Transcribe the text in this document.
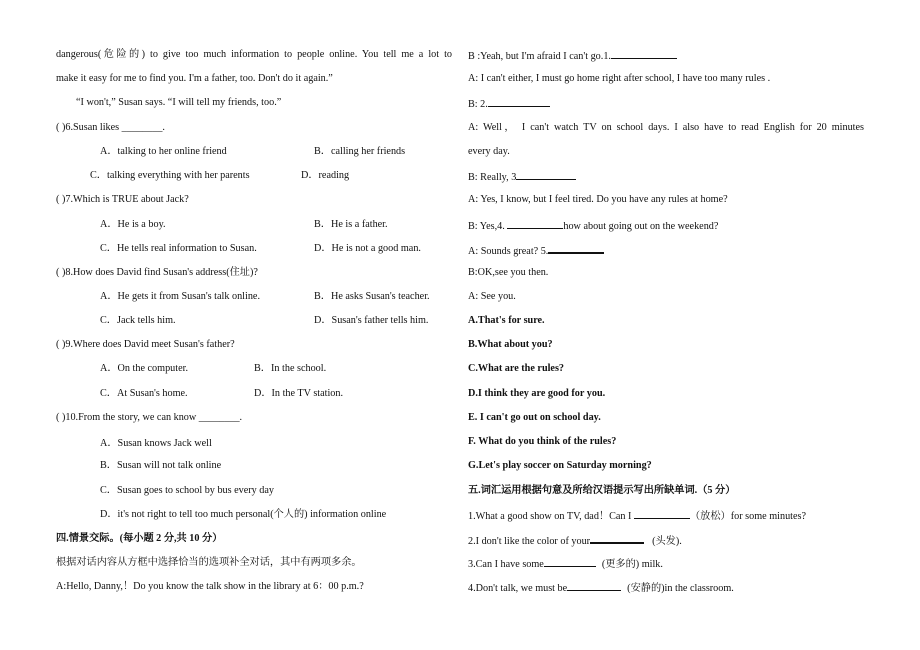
dangerous(危险的) to give too much information to people online. You tell me a lot to
make it easy for me to find you. I'm a father, too. Don't do it again.”
“I won't,” Susan says. “I will tell my friends, too.”
( )6.Susan likes ________.
A．talking to her online friend	B．calling her friends
C．talking everything with her parents	D．reading
( )7.Which is TRUE about Jack?
A．He is a boy.	B．He is a father.
C．He tells real information to Susan.	D．He is not a good man.
( )8.How does David find Susan's address(住址)?
A．He gets it from Susan's talk online.	B．He asks Susan's teacher.
C．Jack tells him.	D．Susan's father tells him.
( )9.Where does David meet Susan's father?
A．On the computer.	B．In the school.
C．At Susan's home.	D．In the TV station.
( )10.From the story, we can know ________.
A．Susan knows Jack well
B．Susan will not talk online
C．Susan goes to school by bus every day
D．it's not right to tell too much personal(个人的) information online
四.情景交际。(每小题 2 分,共 10 分）
根据对话内容从方框中选择恰当的选项补全对话，其中有两项多余。
A:Hello, Danny,！Do you know the talk show in the library at 6：00 p.m.?
B :Yeah, but I'm afraid I can't go.1.
A: I can't either, I must go home right after school, I have too many rules .
B: 2.
A: Well， I can't watch TV on school days. I also have to read English for 20 minutes
every day.
B: Really, 3
A: Yes, I know, but I feel tired. Do you have any rules at home?
B: Yes,4.	how about going out on the weekend?
A: Sounds great? 5.
B:OK,see you then.
A: See you.
A.That's for sure.
B.What about you?
C.What are the rules?
D.I think they are good for you.
E. I can't go out on school day.
F. What do you think of the rules?
G.Let's play soccer on Saturday morning?
五.词汇运用根据句意及所给汉语提示写出所缺单词.（5 分）
1.What a good show on TV, dad！Can I	（放松）for some minutes?
2.I don't like the color of your	(头发).
3.Can I have some	(更多的) milk.
4.Don't talk, we must be	(安静的)in the classroom.
